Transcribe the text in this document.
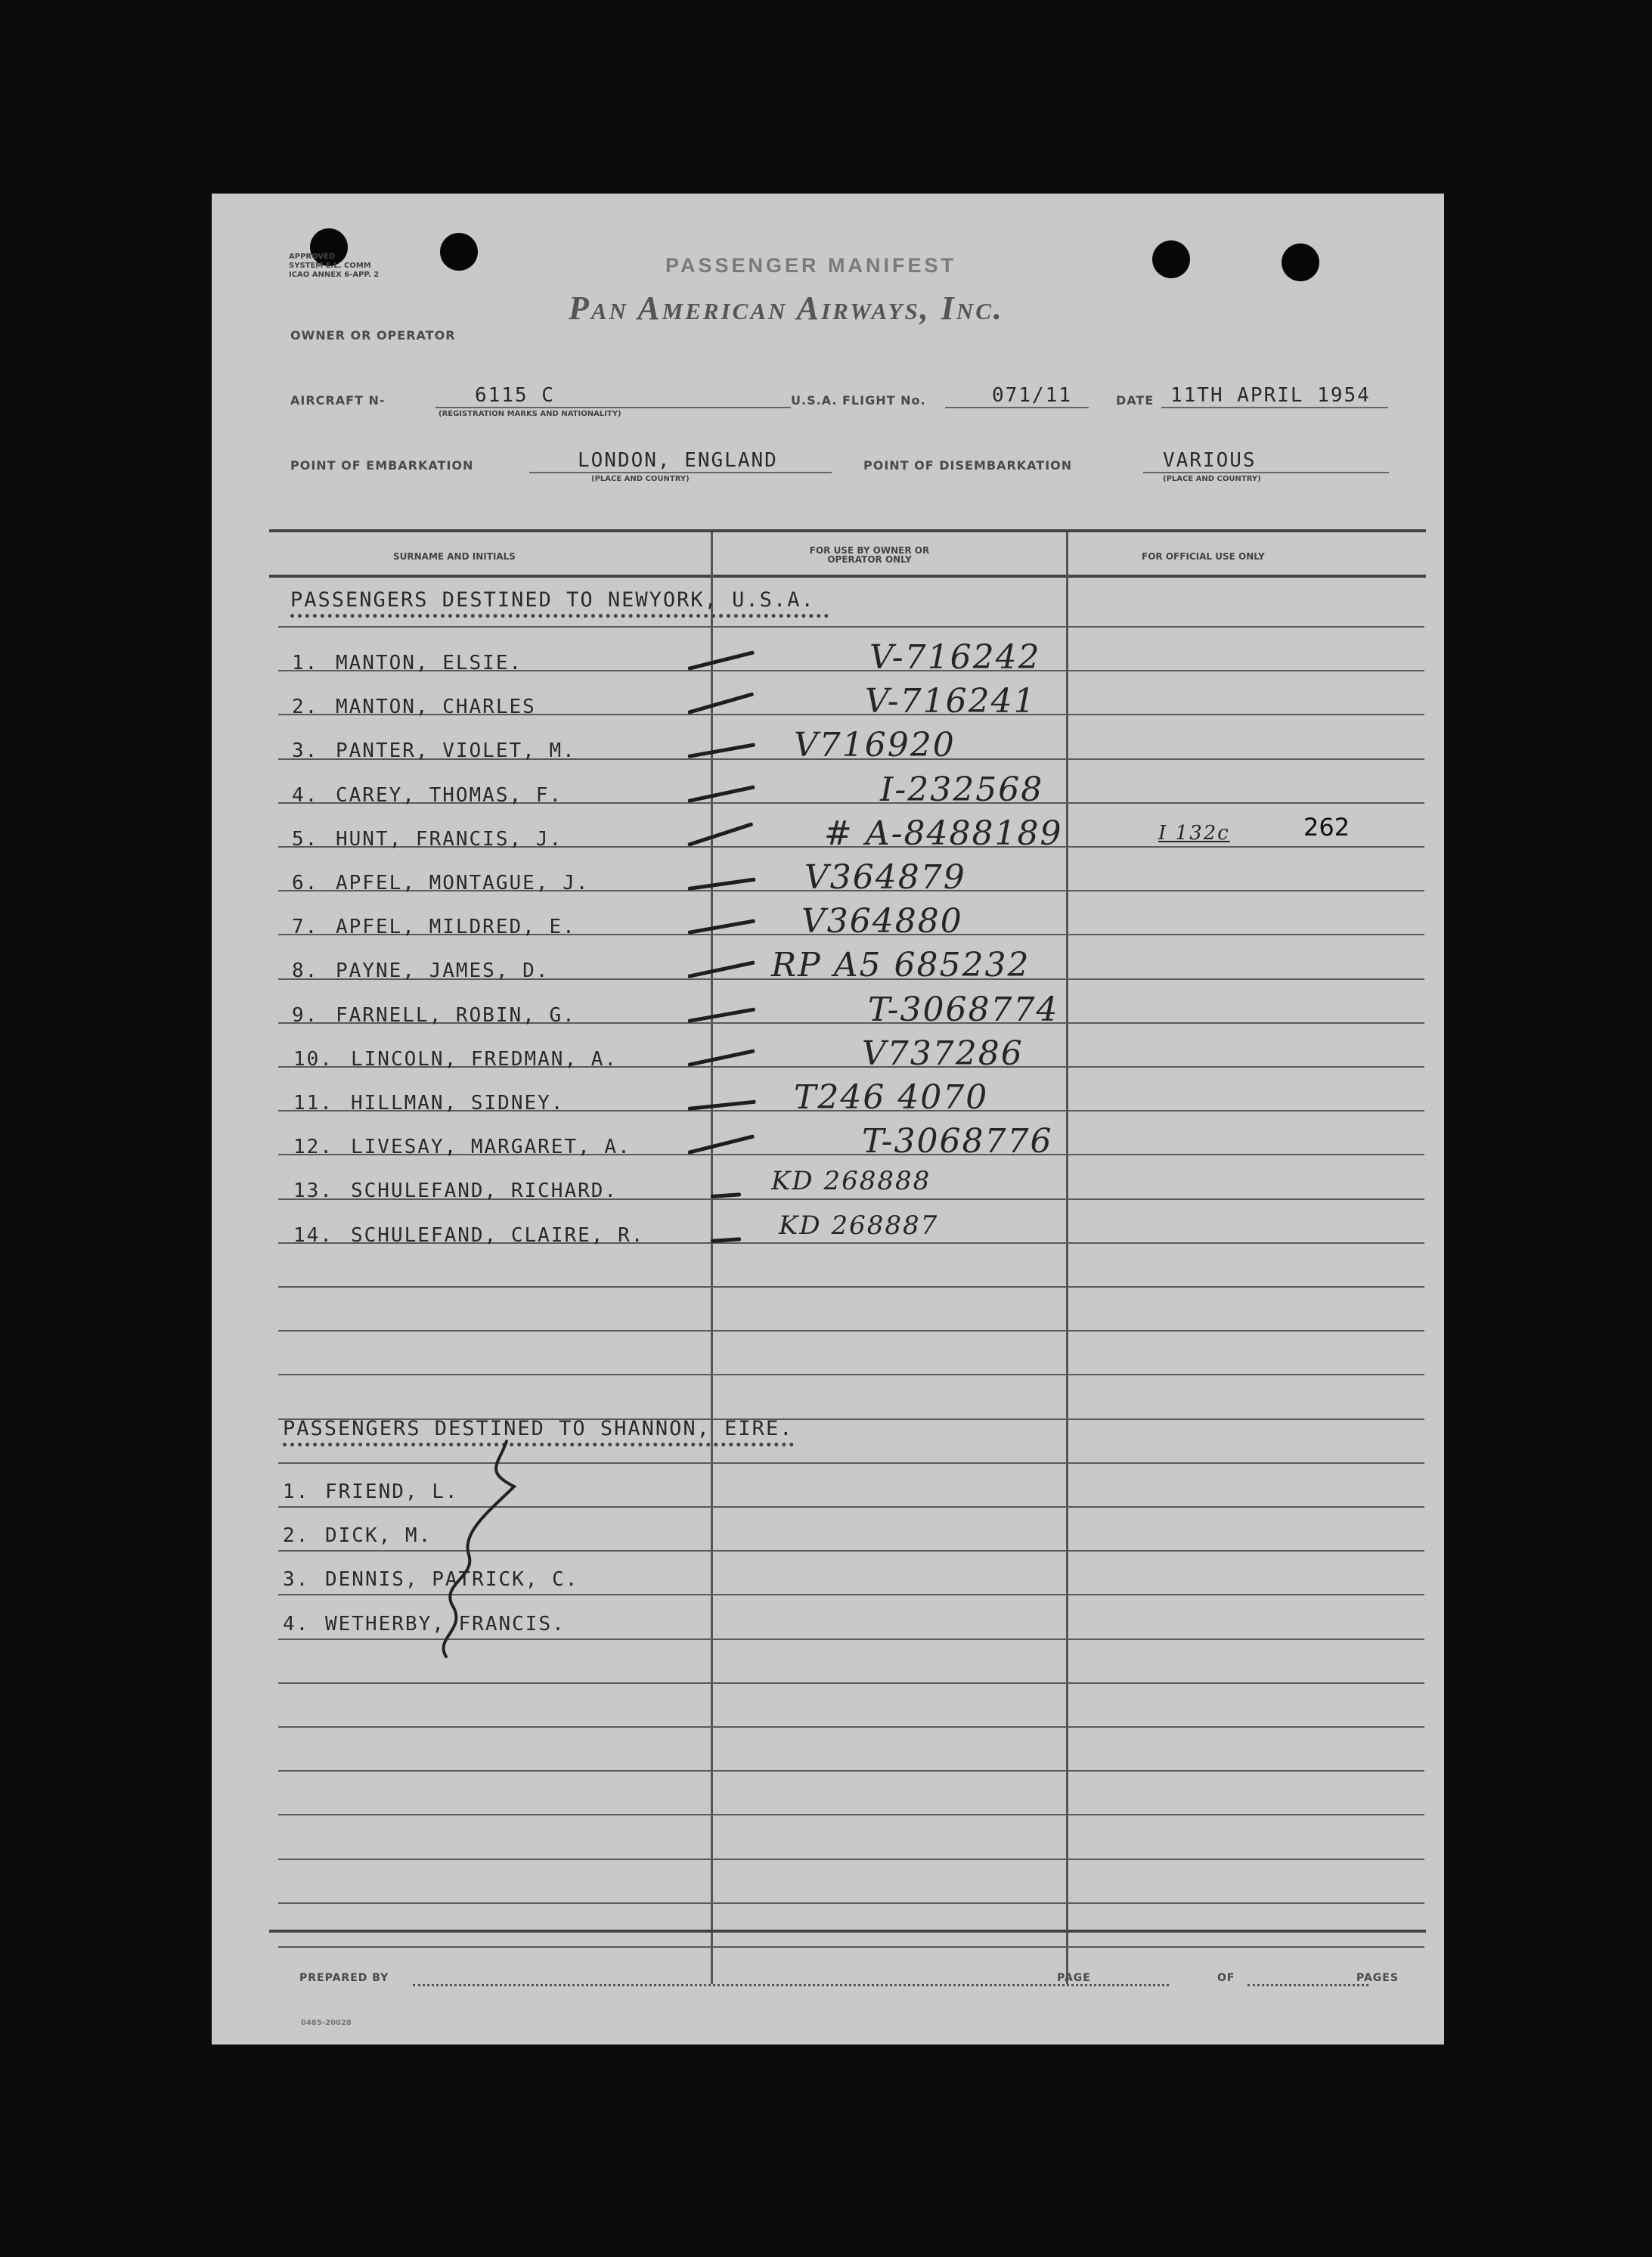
APPROVED
SYSTEM E.L. COMM
ICAO ANNEX 6-APP. 2	PASSENGER MANIFEST
Pan American Airways, Inc.
OWNER OR OPERATOR
AIRCRAFT N-	6115 C
(REGISTRATION MARKS AND NATIONALITY)
U.S.A. FLIGHT No.	071/11	DATE 11TH APRIL 1954
POINT OF EMBARKATION	LONDON, ENGLAND
(PLACE AND COUNTRY)
POINT OF DISEMBARKATION	VARIOUS
(PLACE AND COUNTRY)
SURNAME AND INITIALS
FOR USE BY OWNER OR OPERATOR ONLY	FOR OFFICIAL USE ONLY
PASSENGERS DESTINED TO NEWYORK, U.S.A.
1. MANTON, ELSIE.	V-716242
2. MANTON, CHARLES	V-716241
3. PANTER, VIOLET, M.	V716920
4. CAREY, THOMAS, F.	I-232568
5. HUNT, FRANCIS, J.	# A-8488189	I 132c	262
6. APFEL, MONTAGUE, J.	V364879
7. APFEL, MILDRED, E.	V364880
8. PAYNE, JAMES, D.	RP A5 685232
9. FARNELL, ROBIN, G.	T-3068774
10. LINCOLN, FREDMAN, A.	V737286
11. HILLMAN, SIDNEY.	T246 4070
12. LIVESAY, MARGARET, A.	T-3068776
13. SCHULEFAND, RICHARD.	KD 268888
14. SCHULEFAND, CLAIRE, R.	KD 268887
PASSENGERS DESTINED TO SHANNON, EIRE.
1. FRIEND, L.
2. DICK, M.
3. DENNIS, PATRICK, C.
4. WETHERBY, FRANCIS.
PREPARED BY	PAGE	OF	PAGES
0485-20028
